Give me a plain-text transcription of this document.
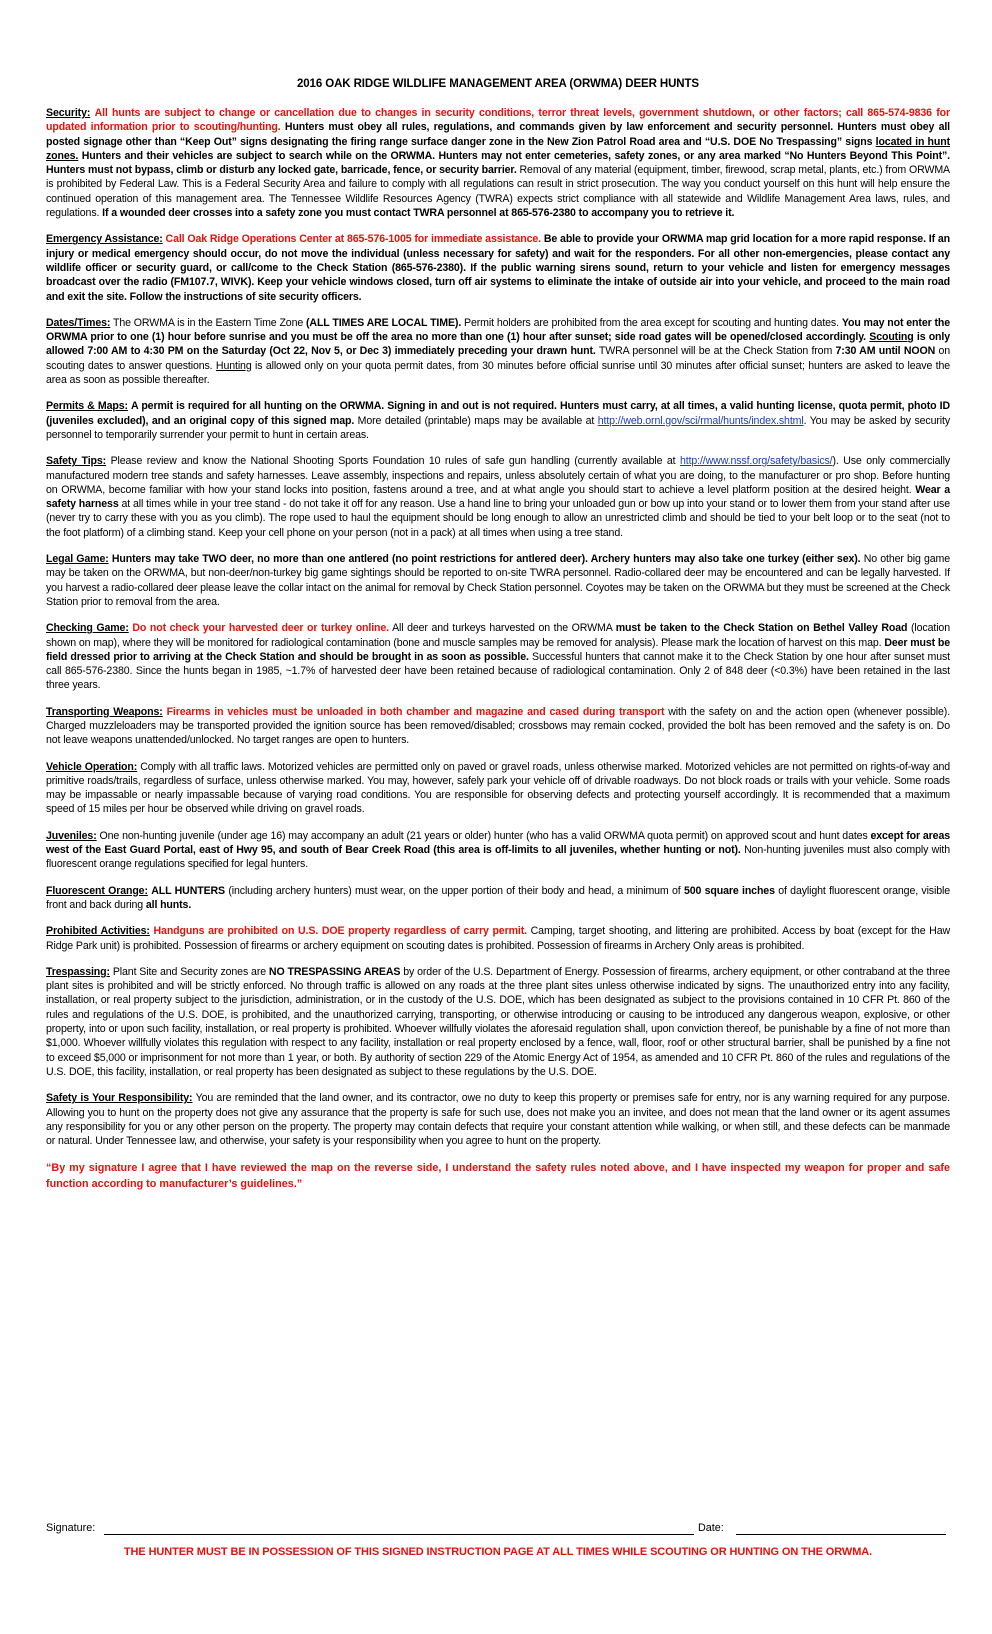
2016 OAK RIDGE WILDLIFE MANAGEMENT AREA (ORWMA) DEER HUNTS

Security: All hunts are subject to change or cancellation due to changes in security conditions, terror threat levels, government shutdown, or other factors; call 865-574-9836 for updated information prior to scouting/hunting. Hunters must obey all rules, regulations, and commands given by law enforcement and security personnel. Hunters must obey all posted signage other than “Keep Out” signs designating the firing range surface danger zone in the New Zion Patrol Road area and “U.S. DOE No Trespassing” signs located in hunt zones. Hunters and their vehicles are subject to search while on the ORWMA. Hunters may not enter cemeteries, safety zones, or any area marked “No Hunters Beyond This Point”. Hunters must not bypass, climb or disturb any locked gate, barricade, fence, or security barrier. Removal of any material (equipment, timber, firewood, scrap metal, plants, etc.) from ORWMA is prohibited by Federal Law. This is a Federal Security Area and failure to comply with all regulations can result in strict prosecution. The way you conduct yourself on this hunt will help ensure the continued operation of this management area. The Tennessee Wildlife Resources Agency (TWRA) expects strict compliance with all statewide and Wildlife Management Area laws, rules, and regulations. If a wounded deer crosses into a safety zone you must contact TWRA personnel at 865-576-2380 to accompany you to retrieve it.

Emergency Assistance: Call Oak Ridge Operations Center at 865-576-1005 for immediate assistance. Be able to provide your ORWMA map grid location for a more rapid response. If an injury or medical emergency should occur, do not move the individual (unless necessary for safety) and wait for the responders. For all other non-emergencies, please contact any wildlife officer or security guard, or call/come to the Check Station (865-576-2380). If the public warning sirens sound, return to your vehicle and listen for emergency messages broadcast over the radio (FM107.7, WIVK). Keep your vehicle windows closed, turn off air systems to eliminate the intake of outside air into your vehicle, and proceed to the main road and exit the site. Follow the instructions of site security officers.

Dates/Times: The ORWMA is in the Eastern Time Zone (ALL TIMES ARE LOCAL TIME). Permit holders are prohibited from the area except for scouting and hunting dates. You may not enter the ORWMA prior to one (1) hour before sunrise and you must be off the area no more than one (1) hour after sunset; side road gates will be opened/closed accordingly. Scouting is only allowed 7:00 AM to 4:30 PM on the Saturday (Oct 22, Nov 5, or Dec 3) immediately preceding your drawn hunt. TWRA personnel will be at the Check Station from 7:30 AM until NOON on scouting dates to answer questions. Hunting is allowed only on your quota permit dates, from 30 minutes before official sunrise until 30 minutes after official sunset; hunters are asked to leave the area as soon as possible thereafter.

Permits & Maps: A permit is required for all hunting on the ORWMA. Signing in and out is not required. Hunters must carry, at all times, a valid hunting license, quota permit, photo ID (juveniles excluded), and an original copy of this signed map. More detailed (printable) maps may be available at http://web.ornl.gov/sci/rmal/hunts/index.shtml. You may be asked by security personnel to temporarily surrender your permit to hunt in certain areas.

Safety Tips: Please review and know the National Shooting Sports Foundation 10 rules of safe gun handling (currently available at http://www.nssf.org/safety/basics/). Use only commercially manufactured modern tree stands and safety harnesses. Leave assembly, inspections and repairs, unless absolutely certain of what you are doing, to the manufacturer or pro shop. Before hunting on ORWMA, become familiar with how your stand locks into position, fastens around a tree, and at what angle you should start to achieve a level platform position at the desired height. Wear a safety harness at all times while in your tree stand - do not take it off for any reason. Use a hand line to bring your unloaded gun or bow up into your stand or to lower them from your stand after use (never try to carry these with you as you climb). The rope used to haul the equipment should be long enough to allow an unrestricted climb and should be tied to your belt loop or to the seat (not to the foot platform) of a climbing stand. Keep your cell phone on your person (not in a pack) at all times when using a tree stand.

Legal Game: Hunters may take TWO deer, no more than one antlered (no point restrictions for antlered deer). Archery hunters may also take one turkey (either sex). No other big game may be taken on the ORWMA, but non-deer/non-turkey big game sightings should be reported to on-site TWRA personnel. Radio-collared deer may be encountered and can be legally harvested. If you harvest a radio-collared deer please leave the collar intact on the animal for removal by Check Station personnel. Coyotes may be taken on the ORWMA but they must be screened at the Check Station prior to removal from the area.

Checking Game: Do not check your harvested deer or turkey online. All deer and turkeys harvested on the ORWMA must be taken to the Check Station on Bethel Valley Road (location shown on map), where they will be monitored for radiological contamination (bone and muscle samples may be removed for analysis). Please mark the location of harvest on this map. Deer must be field dressed prior to arriving at the Check Station and should be brought in as soon as possible. Successful hunters that cannot make it to the Check Station by one hour after sunset must call 865-576-2380. Since the hunts began in 1985, ~1.7% of harvested deer have been retained because of radiological contamination. Only 2 of 848 deer (<0.3%) have been retained in the last three years.

Transporting Weapons: Firearms in vehicles must be unloaded in both chamber and magazine and cased during transport with the safety on and the action open (whenever possible). Charged muzzleloaders may be transported provided the ignition source has been removed/disabled; crossbows may remain cocked, provided the bolt has been removed and the safety is on. Do not leave weapons unattended/unlocked. No target ranges are open to hunters.

Vehicle Operation: Comply with all traffic laws. Motorized vehicles are permitted only on paved or gravel roads, unless otherwise marked. Motorized vehicles are not permitted on rights-of-way and primitive roads/trails, regardless of surface, unless otherwise marked. You may, however, safely park your vehicle off of drivable roadways. Do not block roads or trails with your vehicle. Some roads may be impassable or nearly impassable because of varying road conditions. You are responsible for observing defects and protecting yourself accordingly. It is recommended that a maximum speed of 15 miles per hour be observed while driving on gravel roads.

Juveniles: One non-hunting juvenile (under age 16) may accompany an adult (21 years or older) hunter (who has a valid ORWMA quota permit) on approved scout and hunt dates except for areas west of the East Guard Portal, east of Hwy 95, and south of Bear Creek Road (this area is off-limits to all juveniles, whether hunting or not). Non-hunting juveniles must also comply with fluorescent orange regulations specified for legal hunters.

Fluorescent Orange: ALL HUNTERS (including archery hunters) must wear, on the upper portion of their body and head, a minimum of 500 square inches of daylight fluorescent orange, visible front and back during all hunts.

Prohibited Activities: Handguns are prohibited on U.S. DOE property regardless of carry permit. Camping, target shooting, and littering are prohibited. Access by boat (except for the Haw Ridge Park unit) is prohibited. Possession of firearms or archery equipment on scouting dates is prohibited. Possession of firearms in Archery Only areas is prohibited.

Trespassing: Plant Site and Security zones are NO TRESPASSING AREAS by order of the U.S. Department of Energy. Possession of firearms, archery equipment, or other contraband at the three plant sites is prohibited and will be strictly enforced. No through traffic is allowed on any roads at the three plant sites unless otherwise indicated by signs. The unauthorized entry into any facility, installation, or real property subject to the jurisdiction, administration, or in the custody of the U.S. DOE, which has been designated as subject to the provisions contained in 10 CFR Pt. 860 of the rules and regulations of the U.S. DOE, is prohibited, and the unauthorized carrying, transporting, or otherwise introducing or causing to be introduced any dangerous weapon, explosive, or other property, into or upon such facility, installation, or real property is prohibited. Whoever willfully violates the aforesaid regulation shall, upon conviction thereof, be punishable by a fine of not more than $1,000. Whoever willfully violates this regulation with respect to any facility, installation or real property enclosed by a fence, wall, floor, roof or other structural barrier, shall be punished by a fine not to exceed $5,000 or imprisonment for not more than 1 year, or both. By authority of section 229 of the Atomic Energy Act of 1954, as amended and 10 CFR Pt. 860 of the rules and regulations of the U.S. DOE, this facility, installation, or real property has been designated as subject to these regulations by the U.S. DOE.

Safety is Your Responsibility: You are reminded that the land owner, and its contractor, owe no duty to keep this property or premises safe for entry, nor is any warning required for any purpose. Allowing you to hunt on the property does not give any assurance that the property is safe for such use, does not make you an invitee, and does not mean that the land owner or its agent assumes any responsibility for you or any other person on the property. The property may contain defects that require your constant attention while walking, or when still, and these defects can be manmade or natural. Under Tennessee law, and otherwise, your safety is your responsibility when you agree to hunt on the property.

“By my signature I agree that I have reviewed the map on the reverse side, I understand the safety rules noted above, and I have inspected my weapon for proper and safe function according to manufacturer’s guidelines.”

Signature:	Date:
THE HUNTER MUST BE IN POSSESSION OF THIS SIGNED INSTRUCTION PAGE AT ALL TIMES WHILE SCOUTING OR HUNTING ON THE ORWMA.
